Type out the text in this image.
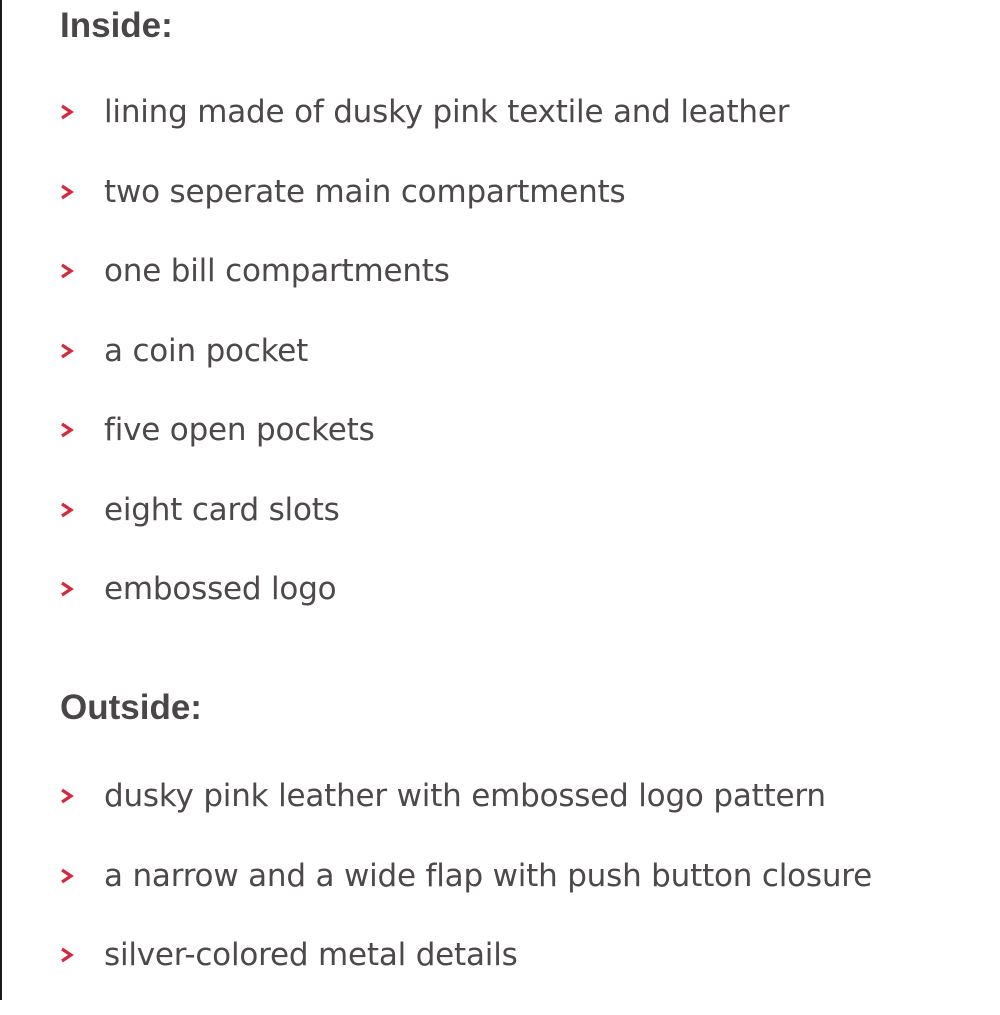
Inside:
lining made of dusky pink textile and leather
two seperate main compartments
one bill compartments
a coin pocket
five open pockets
eight card slots
embossed logo
Outside:
dusky pink leather with embossed logo pattern
a narrow and a wide flap with push button closure
silver-colored metal details
